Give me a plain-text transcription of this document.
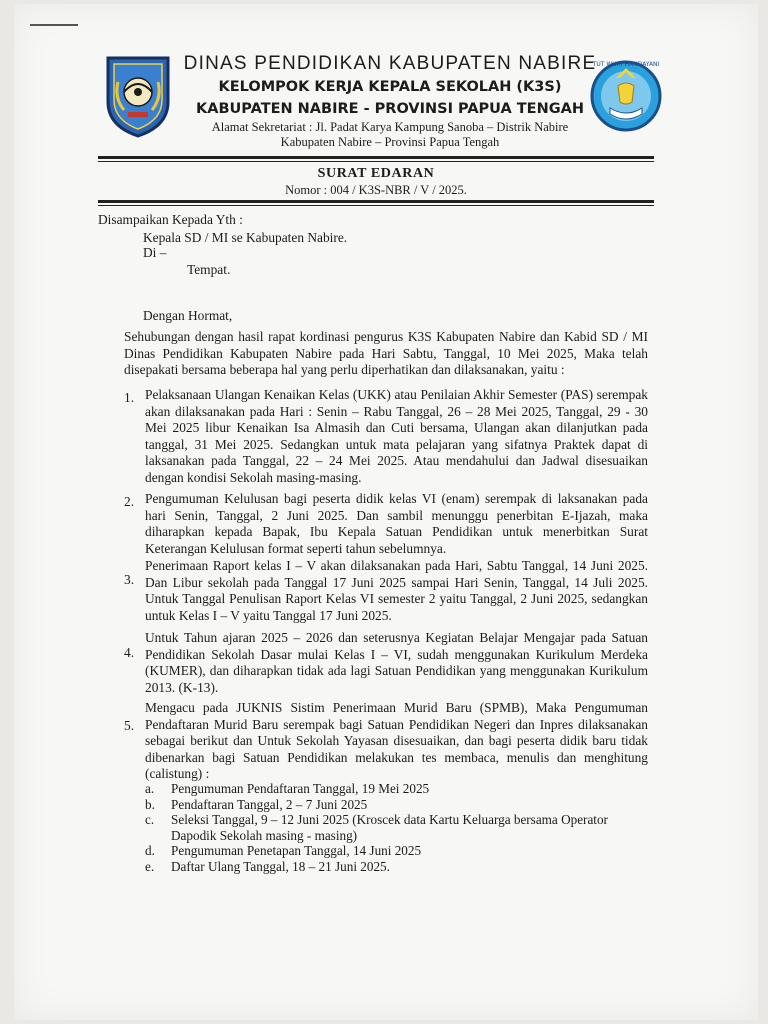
TUT WURI HANDAYANI

DINAS PENDIDIKAN KABUPATEN NABIRE

KELOMPOK KERJA KEPALA SEKOLAH (K3S)

KABUPATEN NABIRE - PROVINSI PAPUA TENGAH

Alamat Sekretariat : Jl. Padat Karya Kampung Sanoba – Distrik Nabire

Kabupaten Nabire – Provinsi Papua Tengah

SURAT EDARAN
Nomor : 004 / K3S-NBR / V / 2025.
Disampaikan Kepada Yth :
Kepala SD / MI se Kabupaten Nabire.
Di –
Tempat.
Dengan Hormat,
Sehubungan dengan hasil rapat kordinasi pengurus K3S Kabupaten Nabire dan Kabid SD / MI Dinas Pendidikan Kabupaten Nabire pada Hari Sabtu, Tanggal, 10 Mei 2025, Maka telah disepakati bersama beberapa hal yang perlu diperhatikan dan dilaksanakan, yaitu :
1. Pelaksanaan Ulangan Kenaikan Kelas (UKK) atau Penilaian Akhir Semester (PAS) serempak akan dilaksanakan pada Hari : Senin – Rabu Tanggal, 26 – 28 Mei 2025, Tanggal, 29 - 30 Mei 2025 libur Kenaikan Isa Almasih dan Cuti bersama, Ulangan akan dilanjutkan pada tanggal, 31 Mei 2025. Sedangkan untuk mata pelajaran yang sifatnya Praktek dapat di laksanakan pada Tanggal, 22 – 24 Mei 2025. Atau mendahului dan Jadwal disesuaikan dengan kondisi Sekolah masing-masing.
2. Pengumuman Kelulusan bagi peserta didik kelas VI (enam) serempak di laksanakan pada hari Senin, Tanggal, 2 Juni 2025. Dan sambil menunggu penerbitan E-Ijazah, maka diharapkan kepada Bapak, Ibu Kepala Satuan Pendidikan untuk menerbitkan Surat Keterangan Kelulusan format seperti tahun sebelumnya.
3.
Penerimaan Raport kelas I – V akan dilaksanakan pada Hari, Sabtu Tanggal, 14 Juni 2025. Dan Libur sekolah pada Tanggal 17 Juni 2025 sampai Hari Senin, Tanggal, 14 Juli 2025. Untuk Tanggal Penulisan Raport Kelas VI semester 2 yaitu Tanggal, 2 Juni 2025, sedangkan untuk Kelas I – V yaitu Tanggal 17 Juni 2025.
4.
Untuk Tahun ajaran 2025 – 2026 dan seterusnya Kegiatan Belajar Mengajar pada Satuan Pendidikan Sekolah Dasar mulai Kelas I – VI, sudah menggunakan Kurikulum Merdeka (KUMER), dan diharapkan tidak ada lagi Satuan Pendidikan yang menggunakan Kurikulum 2013. (K-13).
5.
Mengacu pada JUKNIS Sistim Penerimaan Murid Baru (SPMB), Maka Pengumuman Pendaftaran Murid Baru serempak bagi Satuan Pendidikan Negeri dan Inpres dilaksanakan sebagai berikut dan Untuk Sekolah Yayasan disesuaikan, dan bagi peserta didik baru tidak dibenarkan bagi Satuan Pendidikan melakukan tes membaca, menulis dan menghitung (calistung) :
a. Pengumuman Pendaftaran Tanggal, 19 Mei 2025
b. Pendaftaran Tanggal, 2 – 7 Juni 2025
c. Seleksi Tanggal, 9 – 12 Juni 2025 (Kroscek data Kartu Keluarga bersama Operator
Dapodik Sekolah masing - masing)
d. Pengumuman Penetapan Tanggal, 14 Juni 2025
e. Daftar Ulang Tanggal, 18 – 21 Juni 2025.
